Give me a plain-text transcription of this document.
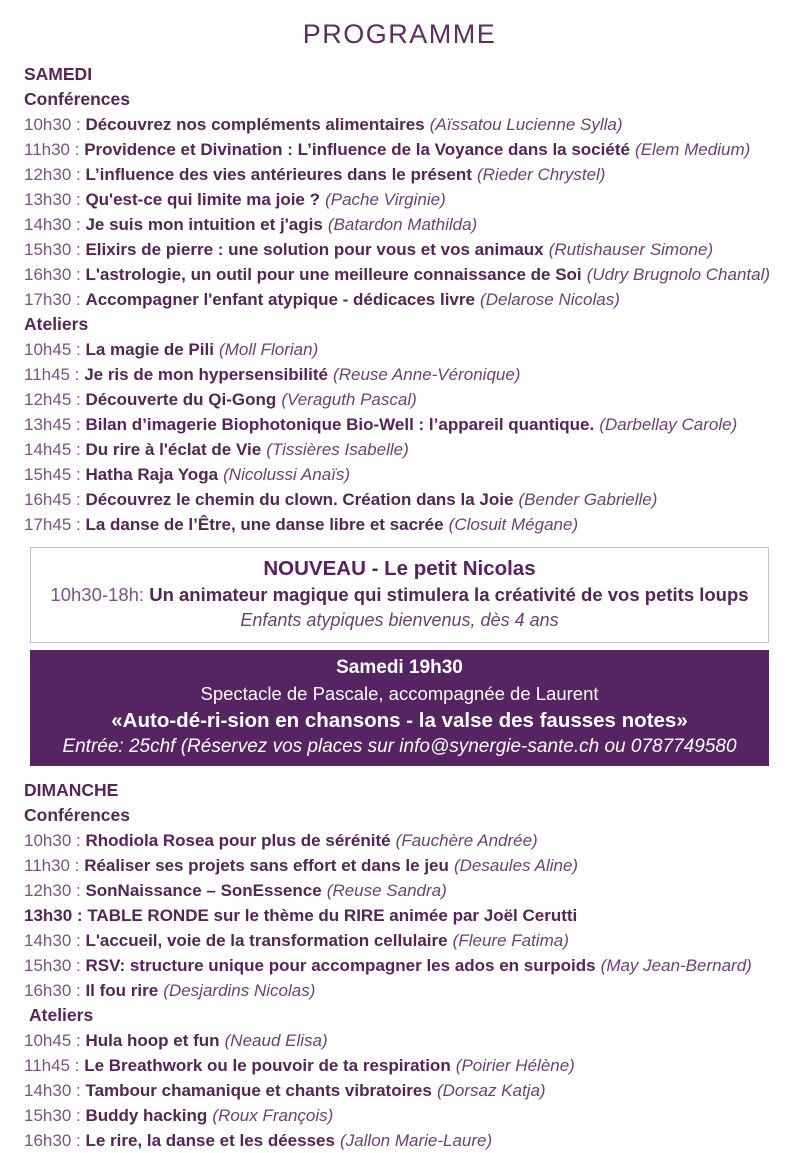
PROGRAMME
SAMEDI
Conférences
10h30 : Découvrez nos compléments alimentaires (Aïssatou Lucienne Sylla)
11h30 : Providence et Divination : L’influence de la Voyance dans la société (Elem Medium)
12h30 : L’influence des vies antérieures dans le présent (Rieder Chrystel)
13h30 : Qu'est-ce qui limite ma joie ? (Pache Virginie)
14h30 : Je suis mon intuition et j'agis (Batardon Mathilda)
15h30 : Elixirs de pierre : une solution pour vous et vos animaux (Rutishauser Simone)
16h30 : L'astrologie, un outil pour une meilleure connaissance de Soi (Udry Brugnolo Chantal)
17h30 : Accompagner l'enfant atypique - dédicaces livre (Delarose Nicolas)
Ateliers
10h45 : La magie de Pili (Moll Florian)
11h45 : Je ris de mon hypersensibilité (Reuse Anne-Véronique)
12h45 : Découverte du Qi-Gong (Veraguth Pascal)
13h45 : Bilan d’imagerie Biophotonique Bio-Well : l’appareil quantique. (Darbellay Carole)
14h45 : Du rire à l'éclat de Vie (Tissières Isabelle)
15h45 : Hatha Raja Yoga (Nicolussi Anaïs)
16h45 : Découvrez le chemin du clown. Création dans la Joie (Bender Gabrielle)
17h45 : La danse de l’Être, une danse libre et sacrée (Closuit Mégane)
NOUVEAU - Le petit Nicolas
10h30-18h: Un animateur magique qui stimulera la créativité de vos petits loups
Enfants atypiques bienvenus, dès 4 ans
Samedi 19h30
Spectacle de Pascale, accompagnée de Laurent
«Auto-dé-ri-sion en chansons - la valse des fausses notes»
Entrée: 25chf (Réservez vos places sur info@synergie-sante.ch ou 0787749580
DIMANCHE
Conférences
10h30 : Rhodiola Rosea pour plus de sérénité (Fauchère Andrée)
11h30 : Réaliser ses projets sans effort et dans le jeu (Desaules Aline)
12h30 : SonNaissance – SonEssence (Reuse Sandra)
13h30 : TABLE RONDE sur le thème du RIRE animée par Joël Cerutti
14h30 : L'accueil, voie de la transformation cellulaire (Fleure Fatima)
15h30 : RSV: structure unique pour accompagner les ados en surpoids (May Jean-Bernard)
16h30 : Il fou rire (Desjardins Nicolas)
Ateliers
10h45 : Hula hoop et fun (Neaud Elisa)
11h45 : Le Breathwork ou le pouvoir de ta respiration (Poirier Hélène)
14h30 : Tambour chamanique et chants vibratoires (Dorsaz Katja)
15h30 : Buddy hacking (Roux François)
16h30 : Le rire, la danse et les déesses (Jallon Marie-Laure)
